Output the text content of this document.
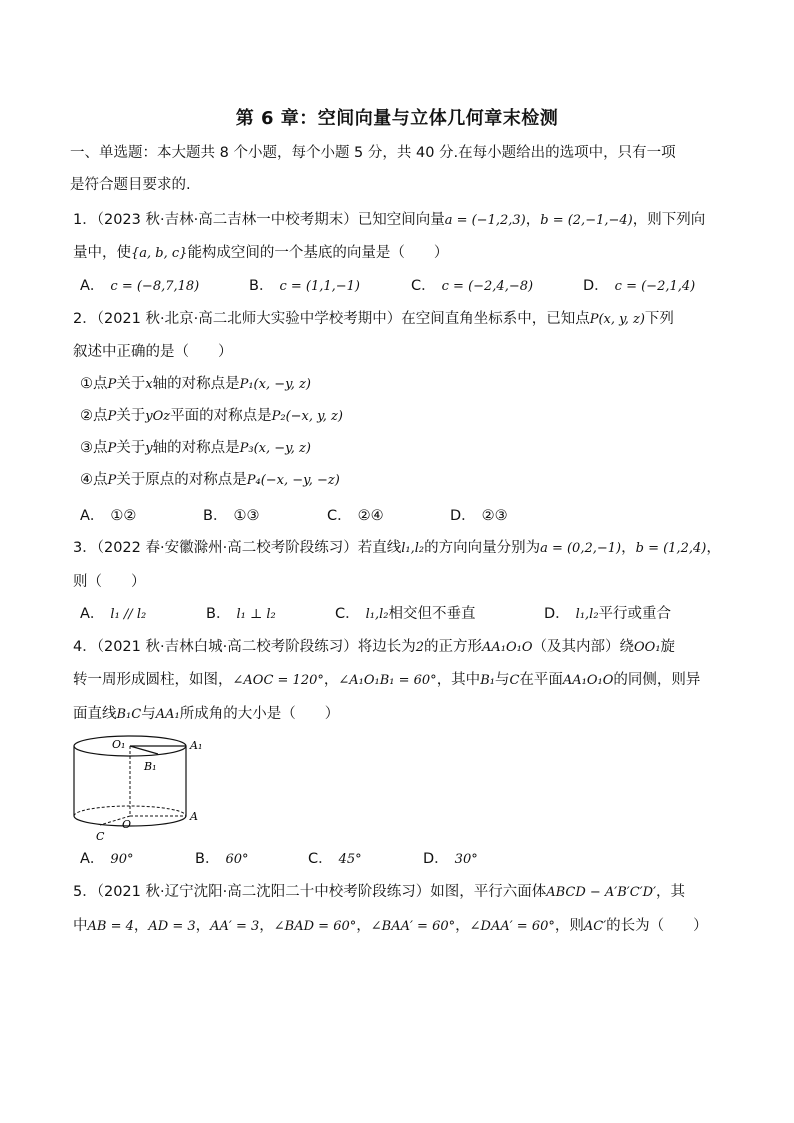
第 6 章：空间向量与立体几何章末检测
一、单选题：本大题共 8 个小题，每个小题 5 分，共 40 分.在每小题给出的选项中，只有一项
是符合题目要求的.
1．（2023 秋·吉林·高二吉林一中校考期末）已知空间向量a = (−1,2,3)，b = (2,−1,−4)，则下列向
量中，使{a, b, c}能构成空间的一个基底的向量是（　　）
A． c = (−8,7,18)	B． c = (1,1,−1)	C． c = (−2,4,−8)	D． c = (−2,1,4)
2．（2021 秋·北京·高二北师大实验中学校考期中）在空间直角坐标系中，已知点P(x, y, z)下列
叙述中正确的是（　　）
①点P关于x轴的对称点是P₁(x, −y, z)
②点P关于yOz平面的对称点是P₂(−x, y, z)
③点P关于y轴的对称点是P₃(x, −y, z)
④点P关于原点的对称点是P₄(−x, −y, −z)
A． ①②	B． ①③	C． ②④	D． ②③
3．（2022 春·安徽滁州·高二校考阶段练习）若直线l₁,l₂的方向向量分别为a = (0,2,−1)，b = (1,2,4)，
则（　　）
A． l₁ // l₂	B． l₁ ⊥ l₂	C． l₁,l₂相交但不垂直	D． l₁,l₂平行或重合
4．（2021 秋·吉林白城·高二校考阶段练习）将边长为2的正方形AA₁O₁O（及其内部）绕OO₁旋
转一周形成圆柱，如图，∠AOC = 120°，∠A₁O₁B₁ = 60°，其中B₁与C在平面AA₁O₁O的同侧，则异
面直线B₁C与AA₁所成角的大小是（　　）
O₁	A₁
B₁
O
A
C
A． 90°	B． 60°	C． 45°	D． 30°
5．（2021 秋·辽宁沈阳·高二沈阳二十中校考阶段练习）如图，平行六面体ABCD − A′B′C′D′，其
中AB = 4，AD = 3，AA′ = 3，∠BAD = 60°，∠BAA′ = 60°，∠DAA′ = 60°，则AC′的长为（　　）
